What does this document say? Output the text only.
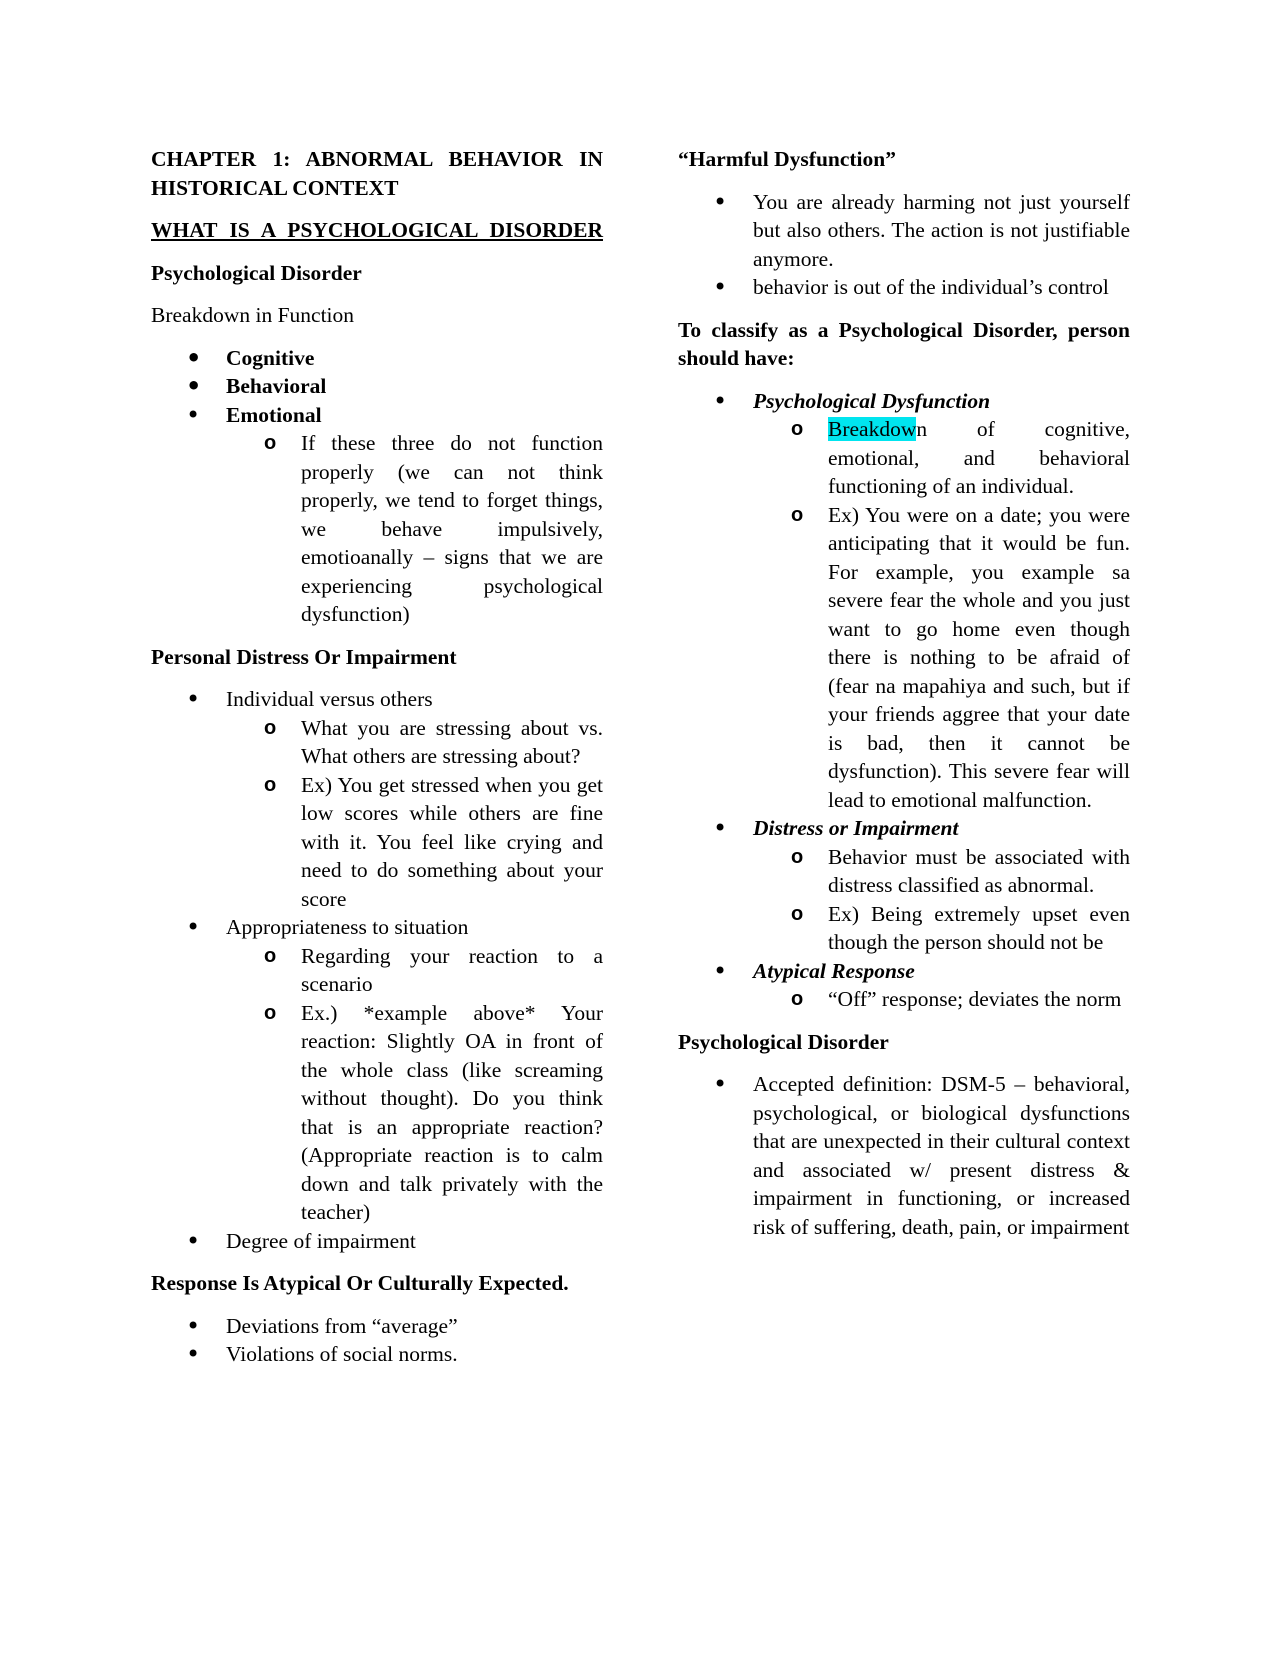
CHAPTER 1: ABNORMAL BEHAVIOR IN HISTORICAL CONTEXT

WHAT IS A PSYCHOLOGICAL DISORDER

Psychological Disorder

Breakdown in Function

• Cognitive
• Behavioral
• Emotional
o If these three do not function properly (we can not think properly, we tend to forget things, we behave impulsively, emotioanally – signs that we are experiencing psychological dysfunction)

Personal Distress Or Impairment

• Individual versus others
o What you are stressing about vs. What others are stressing about?
o Ex) You get stressed when you get low scores while others are fine with it. You feel like crying and need to do something about your score
• Appropriateness to situation
o Regarding your reaction to a scenario
o Ex.) *example above* Your reaction: Slightly OA in front of the whole class (like screaming without thought). Do you think that is an appropriate reaction? (Appropriate reaction is to calm down and talk privately with the teacher)
• Degree of impairment

Response Is Atypical Or Culturally Expected.

• Deviations from “average”
• Violations of social norms.

“Harmful Dysfunction”

• You are already harming not just yourself but also others. The action is not justifiable anymore.
• behavior is out of the individual’s control

To classify as a Psychological Disorder, person should have:

• Psychological Dysfunction
o Breakdown of cognitive, emotional, and behavioral functioning of an individual.
o Ex) You were on a date; you were anticipating that it would be fun. For example, you example sa severe fear the whole and you just want to go home even though there is nothing to be afraid of (fear na mapahiya and such, but if your friends aggree that your date is bad, then it cannot be dysfunction). This severe fear will lead to emotional malfunction.
• Distress or Impairment
o Behavior must be associated with distress classified as abnormal.
o Ex) Being extremely upset even though the person should not be
• Atypical Response
o “Off” response; deviates the norm

Psychological Disorder

• Accepted definition: DSM-5 – behavioral, psychological, or biological dysfunctions that are unexpected in their cultural context and associated w/ present distress & impairment in functioning, or increased risk of suffering, death, pain, or impairment
